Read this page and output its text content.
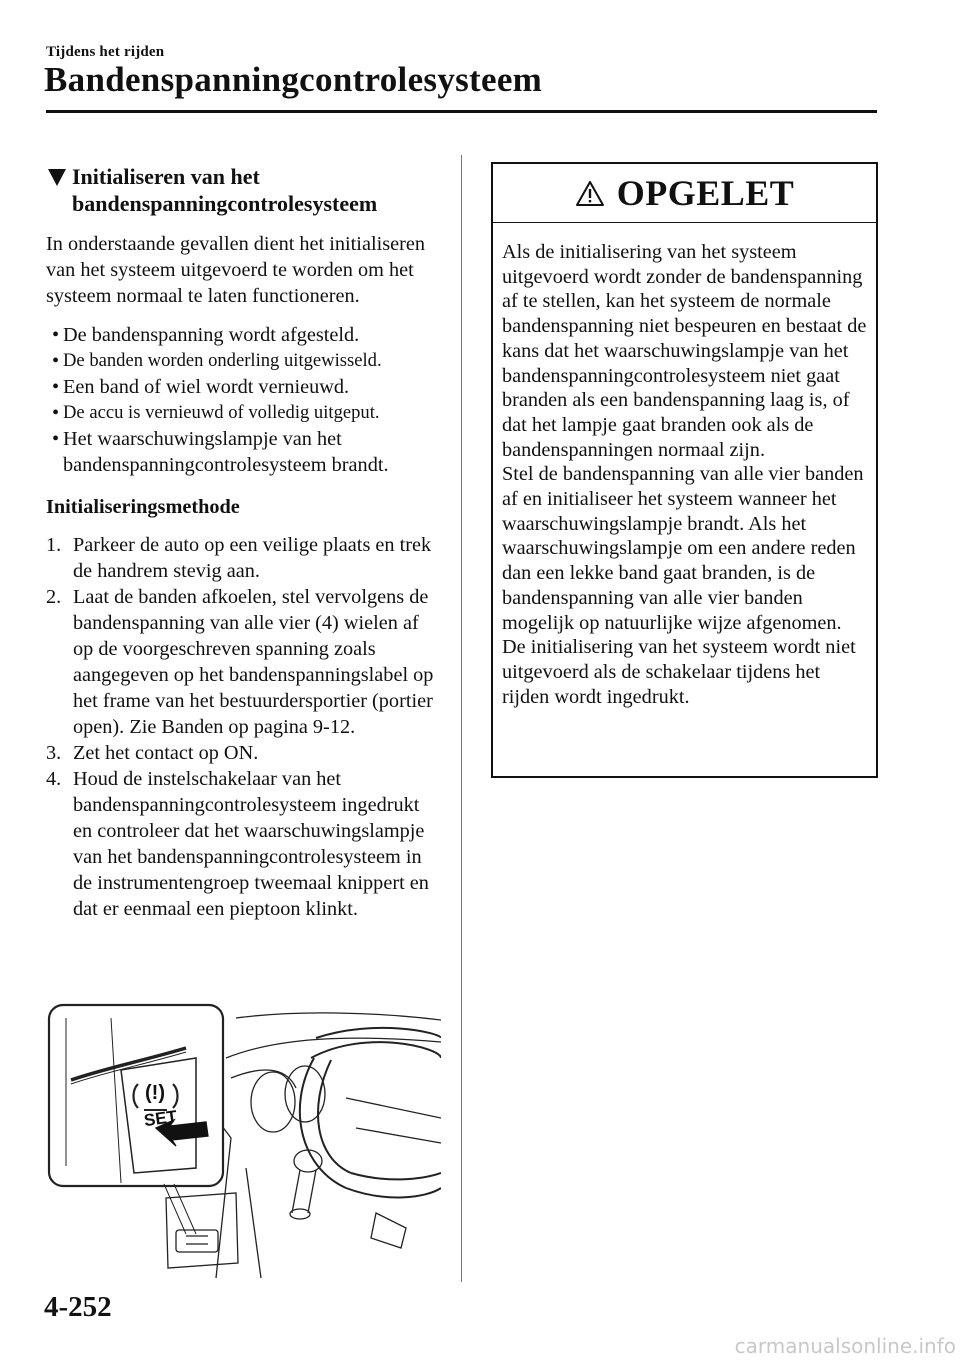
Tijdens het rijden
Bandenspanningcontrolesysteem
Initialiseren van het
bandenspanningcontrolesysteem

In onderstaande gevallen dient het initialiseren van het systeem uitgevoerd te worden om het systeem normaal te laten functioneren.

• De bandenspanning wordt afgesteld.
• De banden worden onderling uitgewisseld.
• Een band of wiel wordt vernieuwd.
• De accu is vernieuwd of volledig uitgeput.
• Het waarschuwingslampje van het bandenspanningcontrolesysteem brandt.
Initialiseringsmethode
1. Parkeer de auto op een veilige plaats en trek de handrem stevig aan.
2. Laat de banden afkoelen, stel vervolgens de bandenspanning van alle vier (4) wielen af op de voorgeschreven spanning zoals aangegeven op het bandenspanningslabel op het frame van het bestuurdersportier (portier open). Zie Banden op pagina 9-12.
3. Zet het contact op ON.
4. Houd de instelschakelaar van het bandenspanningcontrolesysteem ingedrukt en controleer dat het waarschuwingslampje van het bandenspanningcontrolesysteem in de instrumentengroep tweemaal knippert en dat er eenmaal een pieptoon klinkt.
(!)
SET
OPGELET

Als de initialisering van het systeem uitgevoerd wordt zonder de bandenspanning af te stellen, kan het systeem de normale bandenspanning niet bespeuren en bestaat de kans dat het waarschuwingslampje van het bandenspanningcontrolesysteem niet gaat branden als een bandenspanning laag is, of dat het lampje gaat branden ook als de bandenspanningen normaal zijn.

Stel de bandenspanning van alle vier banden af en initialiseer het systeem wanneer het waarschuwingslampje brandt. Als het waarschuwingslampje om een andere reden dan een lekke band gaat branden, is de bandenspanning van alle vier banden mogelijk op natuurlijke wijze afgenomen.

De initialisering van het systeem wordt niet uitgevoerd als de schakelaar tijdens het rijden wordt ingedrukt.

4-252
carmanualsonline.info
